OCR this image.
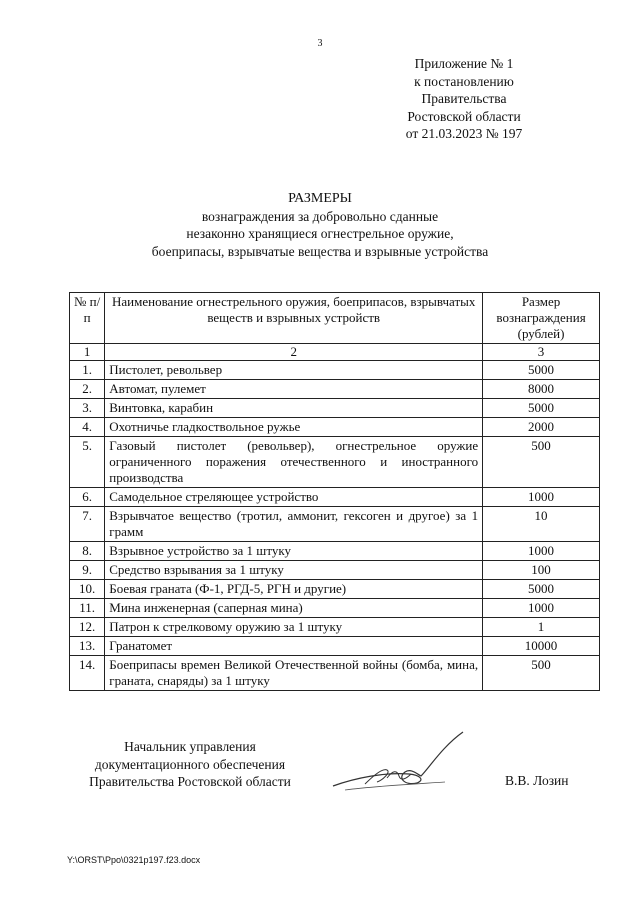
3
Приложение № 1
к постановлению
Правительства
Ростовской области
от 21.03.2023 № 197
РАЗМЕРЫ
вознаграждения за добровольно сданные
незаконно хранящиеся огнестрельное оружие,
боеприпасы, взрывчатые вещества и взрывные устройства
№ п/п	Наименование огнестрельного оружия, боеприпасов, взрывчатых веществ и взрывных устройств	Размер вознаграждения (рублей)
1	2	3
1.	Пистолет, револьвер	5000
2.	Автомат, пулемет	8000
3.	Винтовка, карабин	5000
4.	Охотничье гладкоствольное ружье	2000
5.	Газовый пистолет (револьвер), огнестрельное оружие ограниченного поражения отечественного и иностранного производства	500
6.	Самодельное стреляющее устройство	1000
7.	Взрывчатое вещество (тротил, аммонит, гексоген и другое) за 1 грамм	10
8.	Взрывное устройство за 1 штуку	1000
9.	Средство взрывания за 1 штуку	100
10.	Боевая граната (Ф-1, РГД-5, РГН и другие)	5000
11.	Мина инженерная (саперная мина)	1000
12.	Патрон к стрелковому оружию за 1 штуку	1
13.	Гранатомет	10000
14.	Боеприпасы времен Великой Отечественной войны (бомба, мина, граната, снаряды) за 1 штуку	500
Начальник управления
документационного обеспечения
Правительства Ростовской области	В.В. Лозин
Y:\ORST\Ppo\0321p197.f23.docx
